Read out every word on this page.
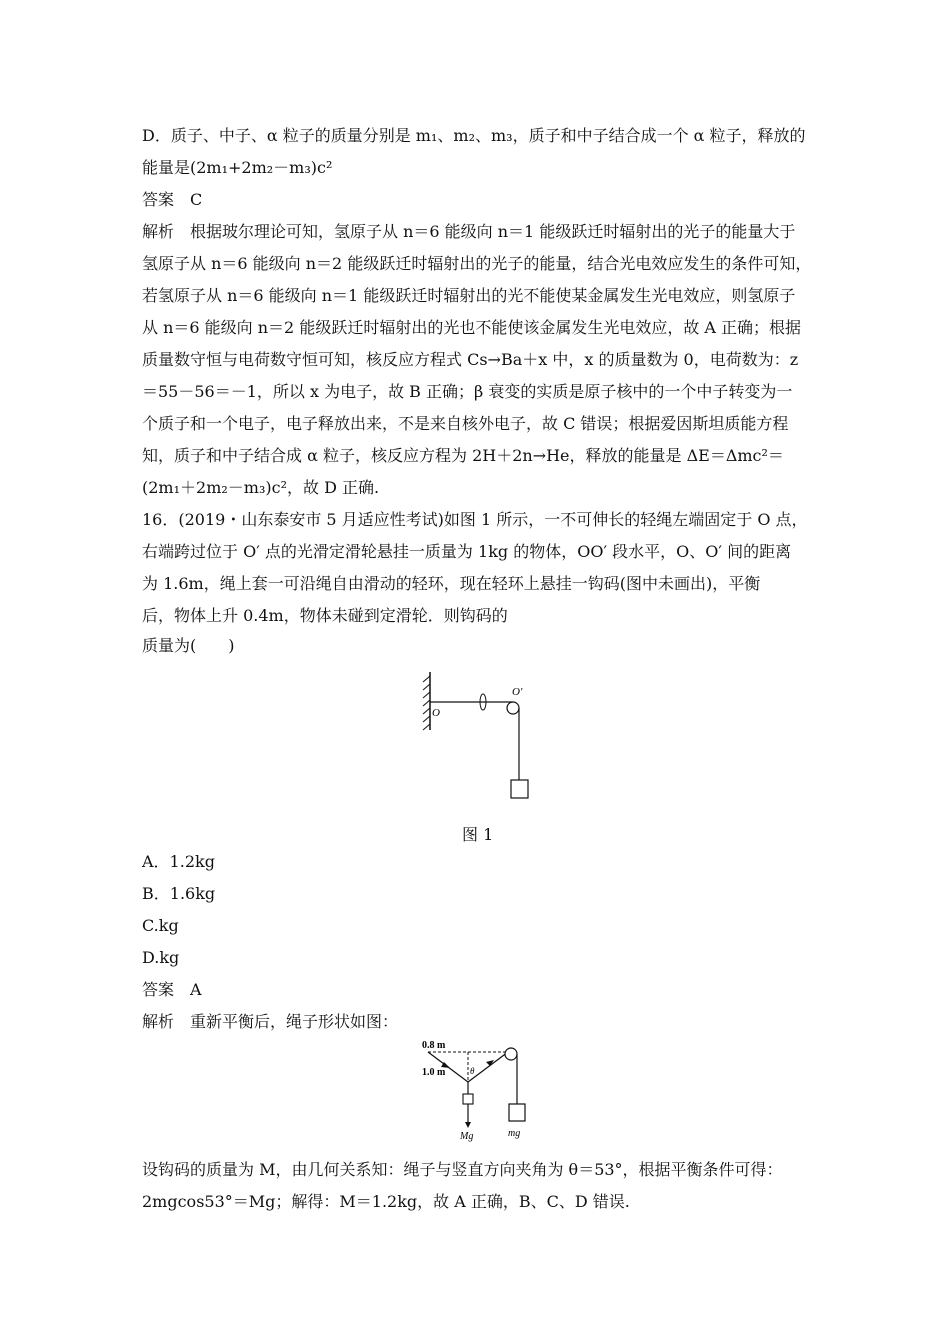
D．质子、中子、α 粒子的质量分别是 m₁、m₂、m₃，质子和中子结合成一个 α 粒子，释放的
能量是(2m₁+2m₂－m₃)c²
答案　C
解析　根据玻尔理论可知，氢原子从 n＝6 能级向 n＝1 能级跃迁时辐射出的光子的能量大于
氢原子从 n＝6 能级向 n＝2 能级跃迁时辐射出的光子的能量，结合光电效应发生的条件可知，
若氢原子从 n＝6 能级向 n＝1 能级跃迁时辐射出的光不能使某金属发生光电效应，则氢原子
从 n＝6 能级向 n＝2 能级跃迁时辐射出的光也不能使该金属发生光电效应，故 A 正确；根据
质量数守恒与电荷数守恒可知，核反应方程式 Cs→Ba＋x 中，x 的质量数为 0，电荷数为：z
＝55－56＝－1，所以 x 为电子，故 B 正确；β 衰变的实质是原子核中的一个中子转变为一
个质子和一个电子，电子释放出来，不是来自核外电子，故 C 错误；根据爱因斯坦质能方程
知，质子和中子结合成 α 粒子，核反应方程为 2H＋2n→He，释放的能量是 ΔE＝Δmc²＝
(2m₁＋2m₂－m₃)c²，故 D 正确.
16．(2019・山东泰安市 5 月适应性考试)如图 1 所示，一不可伸长的轻绳左端固定于 O 点，
右端跨过位于 O′ 点的光滑定滑轮悬挂一质量为 1kg 的物体，OO′ 段水平，O、O′ 间的距离
为 1.6m，绳上套一可沿绳自由滑动的轻环，现在轻环上悬挂一钩码(图中未画出)，平衡
后，物体上升 0.4m，物体未碰到定滑轮．则钩码的
质量为(　　)
O
O′
图 1
A．1.2kg
B．1.6kg
C.kg
D.kg
答案　A
解析　重新平衡后，绳子形状如图：
0.8 m
1.0 m	θ
Mg	mg
设钩码的质量为 M，由几何关系知：绳子与竖直方向夹角为 θ＝53°，根据平衡条件可得：
2mgcos53°＝Mg；解得：M＝1.2kg，故 A 正确，B、C、D 错误.
